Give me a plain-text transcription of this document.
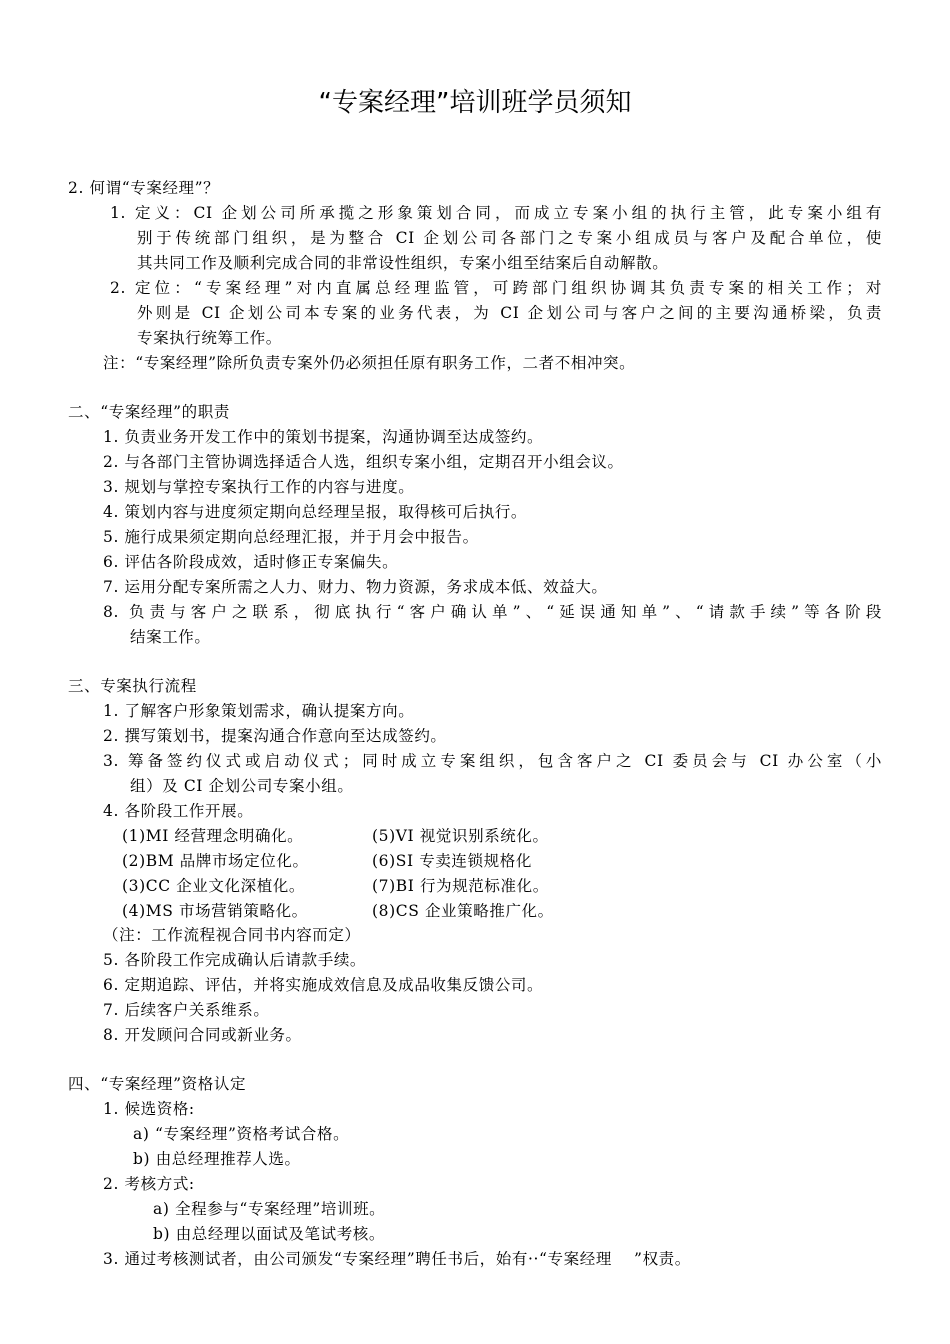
“专案经理”培训班学员须知
2. 何谓“专案经理”？
1. 定义：CI 企划公司所承揽之形象策划合同，而成立专案小组的执行主管，此专案小组有
别于传统部门组织，是为整合 CI 企划公司各部门之专案小组成员与客户及配合单位，使
其共同工作及顺利完成合同的非常设性组织，专案小组至结案后自动解散。
2. 定位：“专案经理”对内直属总经理监管，可跨部门组织协调其负责专案的相关工作；对
外则是 CI 企划公司本专案的业务代表，为 CI 企划公司与客户之间的主要沟通桥梁，负责
专案执行统筹工作。
注：“专案经理”除所负责专案外仍必须担任原有职务工作，二者不相冲突。
二、“专案经理”的职责
1. 负责业务开发工作中的策划书提案，沟通协调至达成签约。
2. 与各部门主管协调选择适合人选，组织专案小组，定期召开小组会议。
3. 规划与掌控专案执行工作的内容与进度。
4. 策划内容与进度须定期向总经理呈报，取得核可后执行。
5. 施行成果须定期向总经理汇报，并于月会中报告。
6. 评估各阶段成效，适时修正专案偏失。
7. 运用分配专案所需之人力、财力、物力资源，务求成本低、效益大。
8. 负责与客户之联系，彻底执行“客户确认单”、“延误通知单”、“请款手续”等各阶段
结案工作。
三、专案执行流程
1. 了解客户形象策划需求，确认提案方向。
2. 撰写策划书，提案沟通合作意向至达成签约。
3. 筹备签约仪式或启动仪式；同时成立专案组织，包含客户之 CI 委员会与 CI 办公室（小
组）及 CI 企划公司专案小组。
4. 各阶段工作开展。
(1)MI 经营理念明确化。	(5)VI 视觉识别系统化。
(2)BM 品牌市场定位化。	(6)SI 专卖连锁规格化
(3)CC 企业文化深植化。	(7)BI 行为规范标准化。
(4)MS 市场营销策略化。	(8)CS 企业策略推广化。
（注：工作流程视合同书内容而定）
5. 各阶段工作完成确认后请款手续。
6. 定期追踪、评估，并将实施成效信息及成品收集反馈公司。
7. 后续客户关系维系。
8. 开发顾问合同或新业务。
四、“专案经理”资格认定
1. 候选资格:
a) “专案经理”资格考试合格。
b) 由总经理推荐人选。
2. 考核方式:
a) 全程参与“专案经理”培训班。
b) 由总经理以面试及笔试考核。
3. 通过考核测试者，由公司颁发“专案经理”聘任书后，始有··“专案经理    ”权责。
